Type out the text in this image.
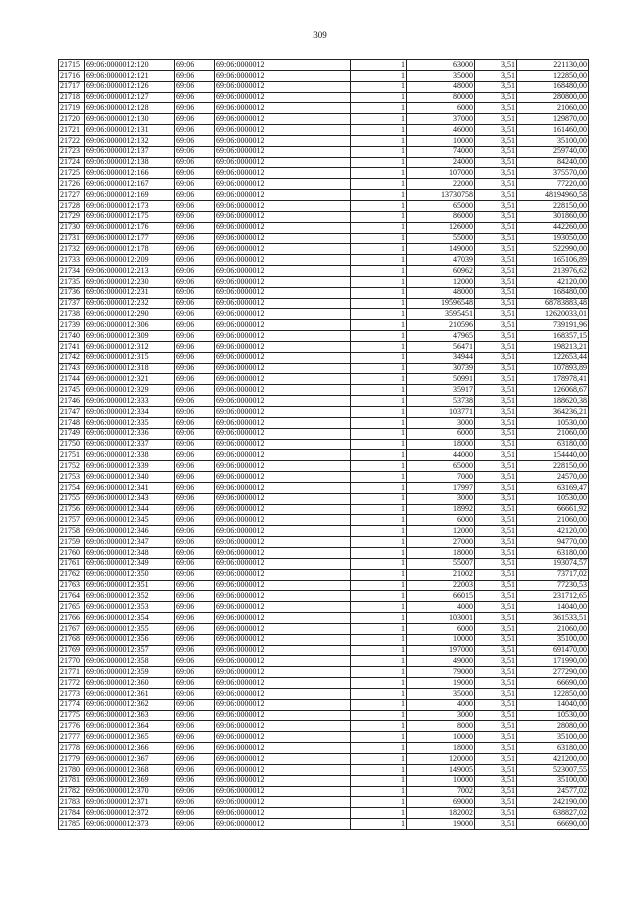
309
21715	69:06:0000012:120	69:06	69:06:0000012	1	63000	3,51	221130,00
21716	69:06:0000012:121	69:06	69:06:0000012	1	35000	3,51	122850,00
21717	69:06:0000012:126	69:06	69:06:0000012	1	48000	3,51	168480,00
21718	69:06:0000012:127	69:06	69:06:0000012	1	80000	3,51	280800,00
21719	69:06:0000012:128	69:06	69:06:0000012	1	6000	3,51	21060,00
21720	69:06:0000012:130	69:06	69:06:0000012	1	37000	3,51	129870,00
21721	69:06:0000012:131	69:06	69:06:0000012	1	46000	3,51	161460,00
21722	69:06:0000012:132	69:06	69:06:0000012	1	10000	3,51	35100,00
21723	69:06:0000012:137	69:06	69:06:0000012	1	74000	3,51	259740,00
21724	69:06:0000012:138	69:06	69:06:0000012	1	24000	3,51	84240,00
21725	69:06:0000012:166	69:06	69:06:0000012	1	107000	3,51	375570,00
21726	69:06:0000012:167	69:06	69:06:0000012	1	22000	3,51	77220,00
21727	69:06:0000012:169	69:06	69:06:0000012	1	13730758	3,51	48194960,58
21728	69:06:0000012:173	69:06	69:06:0000012	1	65000	3,51	228150,00
21729	69:06:0000012:175	69:06	69:06:0000012	1	86000	3,51	301860,00
21730	69:06:0000012:176	69:06	69:06:0000012	1	126000	3,51	442260,00
21731	69:06:0000012:177	69:06	69:06:0000012	1	55000	3,51	193050,00
21732	69:06:0000012:178	69:06	69:06:0000012	1	149000	3,51	522990,00
21733	69:06:0000012:209	69:06	69:06:0000012	1	47039	3,51	165106,89
21734	69:06:0000012:213	69:06	69:06:0000012	1	60962	3,51	213976,62
21735	69:06:0000012:230	69:06	69:06:0000012	1	12000	3,51	42120,00
21736	69:06:0000012:231	69:06	69:06:0000012	1	48000	3,51	168480,00
21737	69:06:0000012:232	69:06	69:06:0000012	1	19596548	3,51	68783883,48
21738	69:06:0000012:290	69:06	69:06:0000012	1	3595451	3,51	12620033,01
21739	69:06:0000012:306	69:06	69:06:0000012	1	210596	3,51	739191,96
21740	69:06:0000012:309	69:06	69:06:0000012	1	47965	3,51	168357,15
21741	69:06:0000012:312	69:06	69:06:0000012	1	56471	3,51	198213,21
21742	69:06:0000012:315	69:06	69:06:0000012	1	34944	3,51	122653,44
21743	69:06:0000012:318	69:06	69:06:0000012	1	30739	3,51	107893,89
21744	69:06:0000012:321	69:06	69:06:0000012	1	50991	3,51	178978,41
21745	69:06:0000012:329	69:06	69:06:0000012	1	35917	3,51	126068,67
21746	69:06:0000012:333	69:06	69:06:0000012	1	53738	3,51	188620,38
21747	69:06:0000012:334	69:06	69:06:0000012	1	103771	3,51	364236,21
21748	69:06:0000012:335	69:06	69:06:0000012	1	3000	3,51	10530,00
21749	69:06:0000012:336	69:06	69:06:0000012	1	6000	3,51	21060,00
21750	69:06:0000012:337	69:06	69:06:0000012	1	18000	3,51	63180,00
21751	69:06:0000012:338	69:06	69:06:0000012	1	44000	3,51	154440,00
21752	69:06:0000012:339	69:06	69:06:0000012	1	65000	3,51	228150,00
21753	69:06:0000012:340	69:06	69:06:0000012	1	7000	3,51	24570,00
21754	69:06:0000012:341	69:06	69:06:0000012	1	17997	3,51	63169,47
21755	69:06:0000012:343	69:06	69:06:0000012	1	3000	3,51	10530,00
21756	69:06:0000012:344	69:06	69:06:0000012	1	18992	3,51	66661,92
21757	69:06:0000012:345	69:06	69:06:0000012	1	6000	3,51	21060,00
21758	69:06:0000012:346	69:06	69:06:0000012	1	12000	3,51	42120,00
21759	69:06:0000012:347	69:06	69:06:0000012	1	27000	3,51	94770,00
21760	69:06:0000012:348	69:06	69:06:0000012	1	18000	3,51	63180,00
21761	69:06:0000012:349	69:06	69:06:0000012	1	55007	3,51	193074,57
21762	69:06:0000012:350	69:06	69:06:0000012	1	21002	3,51	73717,02
21763	69:06:0000012:351	69:06	69:06:0000012	1	22003	3,51	77230,53
21764	69:06:0000012:352	69:06	69:06:0000012	1	66015	3,51	231712,65
21765	69:06:0000012:353	69:06	69:06:0000012	1	4000	3,51	14040,00
21766	69:06:0000012:354	69:06	69:06:0000012	1	103001	3,51	361533,51
21767	69:06:0000012:355	69:06	69:06:0000012	1	6000	3,51	21060,00
21768	69:06:0000012:356	69:06	69:06:0000012	1	10000	3,51	35100,00
21769	69:06:0000012:357	69:06	69:06:0000012	1	197000	3,51	691470,00
21770	69:06:0000012:358	69:06	69:06:0000012	1	49000	3,51	171990,00
21771	69:06:0000012:359	69:06	69:06:0000012	1	79000	3,51	277290,00
21772	69:06:0000012:360	69:06	69:06:0000012	1	19000	3,51	66690,00
21773	69:06:0000012:361	69:06	69:06:0000012	1	35000	3,51	122850,00
21774	69:06:0000012:362	69:06	69:06:0000012	1	4000	3,51	14040,00
21775	69:06:0000012:363	69:06	69:06:0000012	1	3000	3,51	10530,00
21776	69:06:0000012:364	69:06	69:06:0000012	1	8000	3,51	28080,00
21777	69:06:0000012:365	69:06	69:06:0000012	1	10000	3,51	35100,00
21778	69:06:0000012:366	69:06	69:06:0000012	1	18000	3,51	63180,00
21779	69:06:0000012:367	69:06	69:06:0000012	1	120000	3,51	421200,00
21780	69:06:0000012:368	69:06	69:06:0000012	1	149005	3,51	523007,55
21781	69:06:0000012:369	69:06	69:06:0000012	1	10000	3,51	35100,00
21782	69:06:0000012:370	69:06	69:06:0000012	1	7002	3,51	24577,02
21783	69:06:0000012:371	69:06	69:06:0000012	1	69000	3,51	242190,00
21784	69:06:0000012:372	69:06	69:06:0000012	1	182002	3,51	638827,02
21785	69:06:0000012:373	69:06	69:06:0000012	1	19000	3,51	66690,00
